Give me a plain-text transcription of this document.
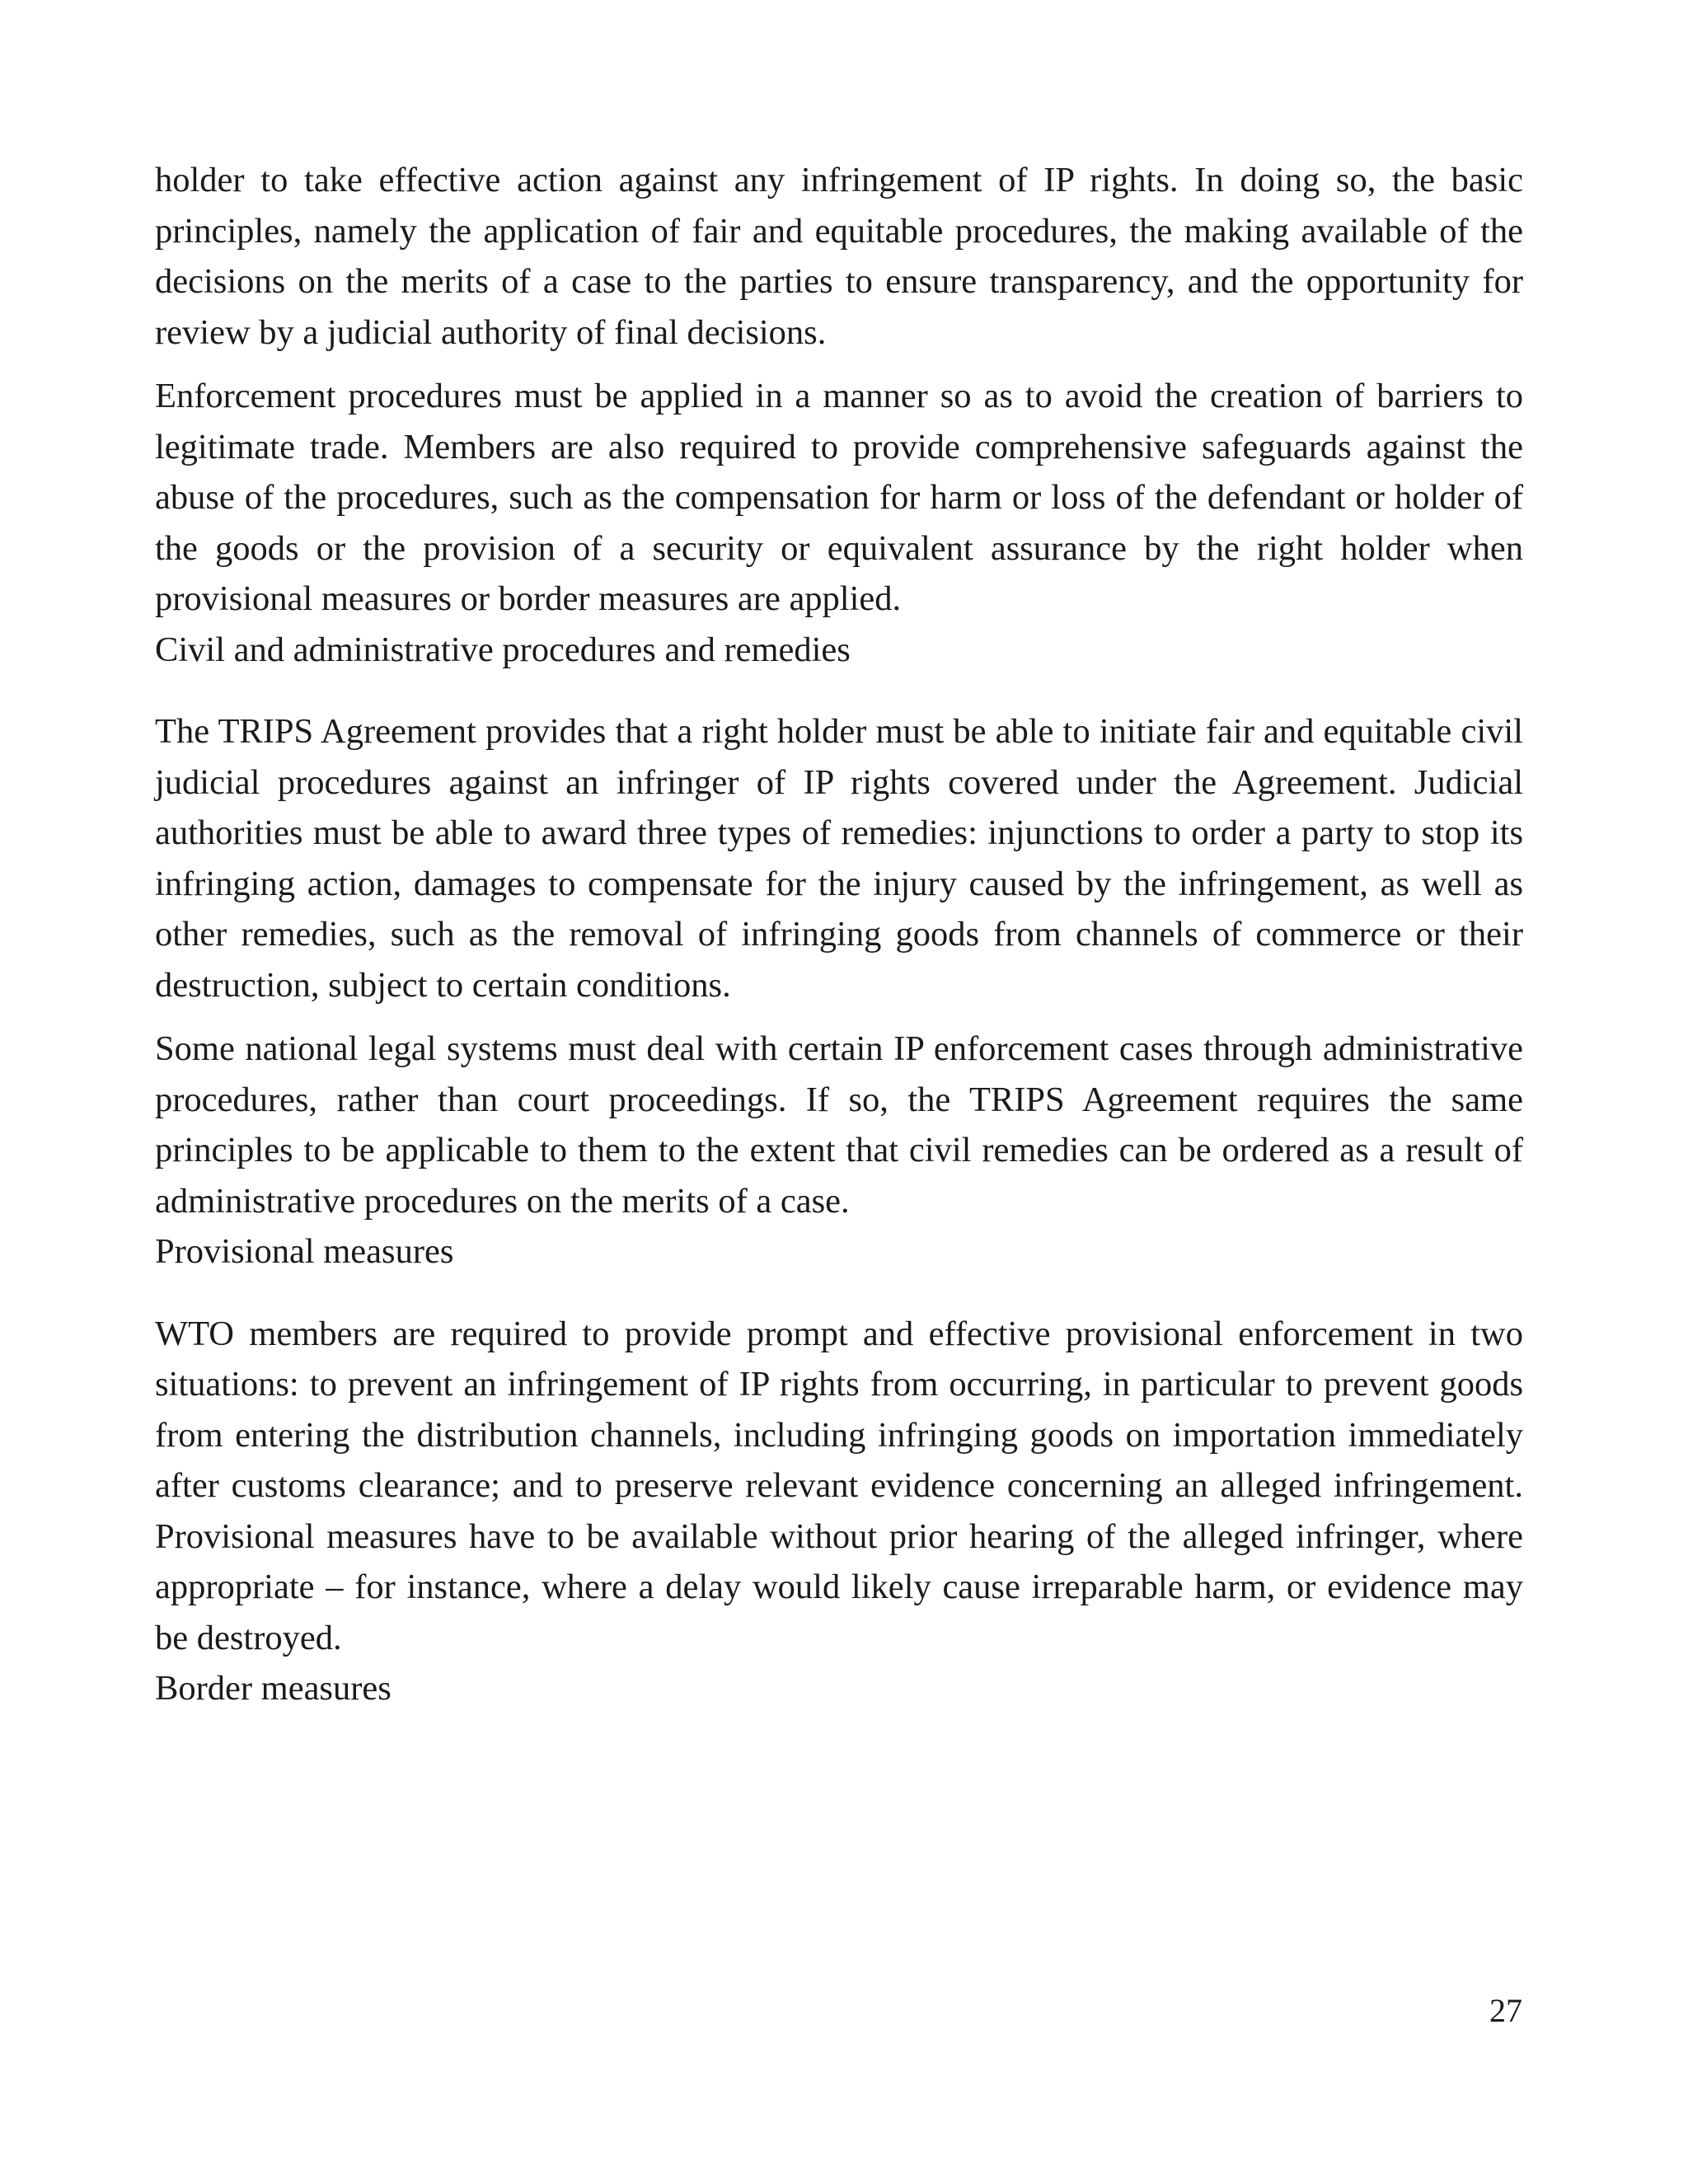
holder to take effective action against any infringement of IP rights. In doing so, the basic principles, namely the application of fair and equitable procedures, the making available of the decisions on the merits of a case to the parties to ensure transparency, and the opportunity for review by a judicial authority of final decisions.

Enforcement procedures must be applied in a manner so as to avoid the creation of barriers to legitimate trade. Members are also required to provide comprehensive safeguards against the abuse of the procedures, such as the compensation for harm or loss of the defendant or holder of the goods or the provision of a security or equivalent assurance by the right holder when provisional measures or border measures are applied.

Civil and administrative procedures and remedies

The TRIPS Agreement provides that a right holder must be able to initiate fair and equitable civil judicial procedures against an infringer of IP rights covered under the Agreement. Judicial authorities must be able to award three types of remedies: injunctions to order a party to stop its infringing action, damages to compensate for the injury caused by the infringement, as well as other remedies, such as the removal of infringing goods from channels of commerce or their destruction, subject to certain conditions.

Some national legal systems must deal with certain IP enforcement cases through administrative procedures, rather than court proceedings. If so, the TRIPS Agreement requires the same principles to be applicable to them to the extent that civil remedies can be ordered as a result of administrative procedures on the merits of a case.

Provisional measures

WTO members are required to provide prompt and effective provisional enforcement in two situations: to prevent an infringement of IP rights from occurring, in particular to prevent goods from entering the distribution channels, including infringing goods on importation immediately after customs clearance; and to preserve relevant evidence concerning an alleged infringement. Provisional measures have to be available without prior hearing of the alleged infringer, where appropriate – for instance, where a delay would likely cause irreparable harm, or evidence may be destroyed.

Border measures

27
